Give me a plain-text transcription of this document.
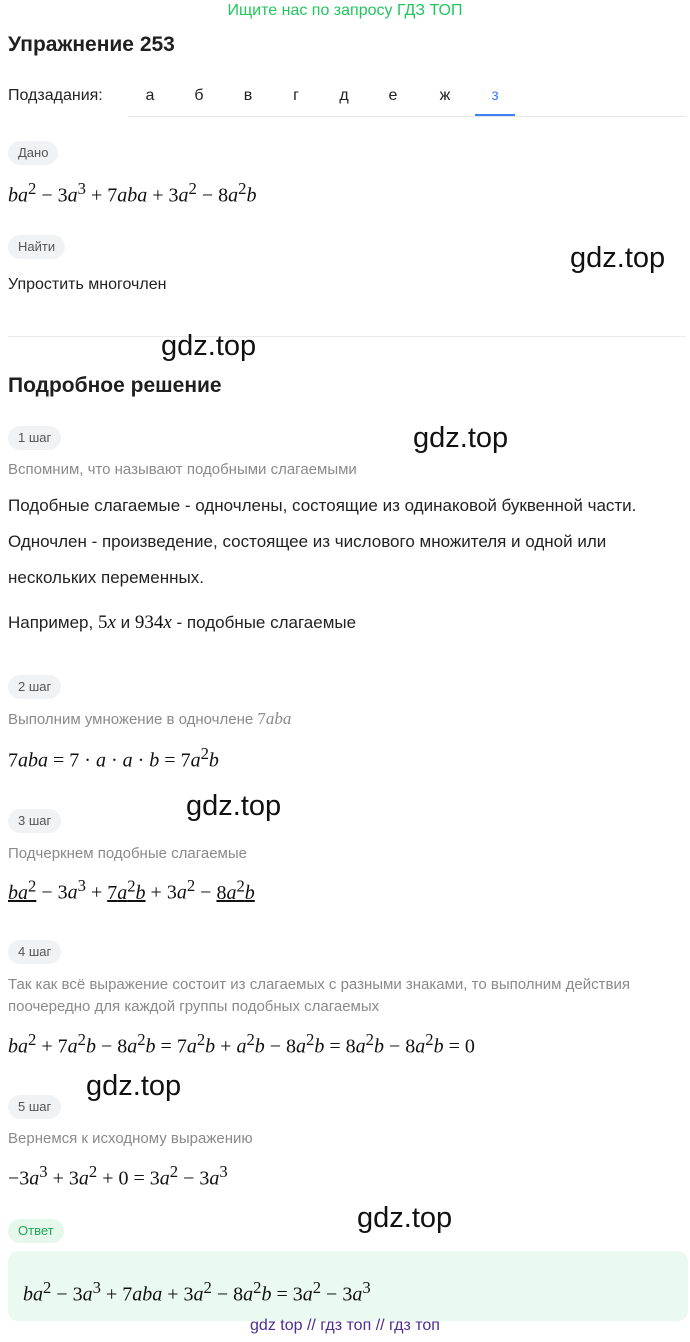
Ищите нас по запросу ГДЗ ТОП
Упражнение 253
Подзадания:	а	б	в	г	д	е	ж	з
Дано
$ba^2 - 3a^3 + 7aba + 3a^2 - 8a^2b$
Найти
Упростить многочлен
gdz.top
gdz.top
Подробное решение
1 шаг	gdz.top
Вспомним, что называют подобными слагаемыми
Подобные слагаемые - одночлены, состоящие из одинаковой буквенной части. Одночлен - произведение, состоящее из числового множителя и одной или нескольких переменных.
Например, 5x и 934x - подобные слагаемые
2 шаг
Выполним умножение в одночлене 7aba
$7aba = 7 \cdot a \cdot a \cdot b = 7a^2b$
gdz.top
3 шаг
Подчеркнем подобные слагаемые
$ba^2 - 3a^3 + 7a^2b + 3a^2 - 8a^2b$
4 шаг
Так как всё выражение состоит из слагаемых с разными знаками, то выполним действия поочередно для каждой группы подобных слагаемых
$ba^2 + 7a^2b - 8a^2b = 7a^2b + a^2b - 8a^2b = 8a^2b - 8a^2b = 0$
gdz.top
5 шаг
Вернемся к исходному выражению
$-3a^3 + 3a^2 + 0 = 3a^2 - 3a^3$
Ответ	gdz.top
$ba^2 - 3a^3 + 7aba + 3a^2 - 8a^2b = 3a^2 - 3a^3$
gdz top // гдз топ // гдз топ
